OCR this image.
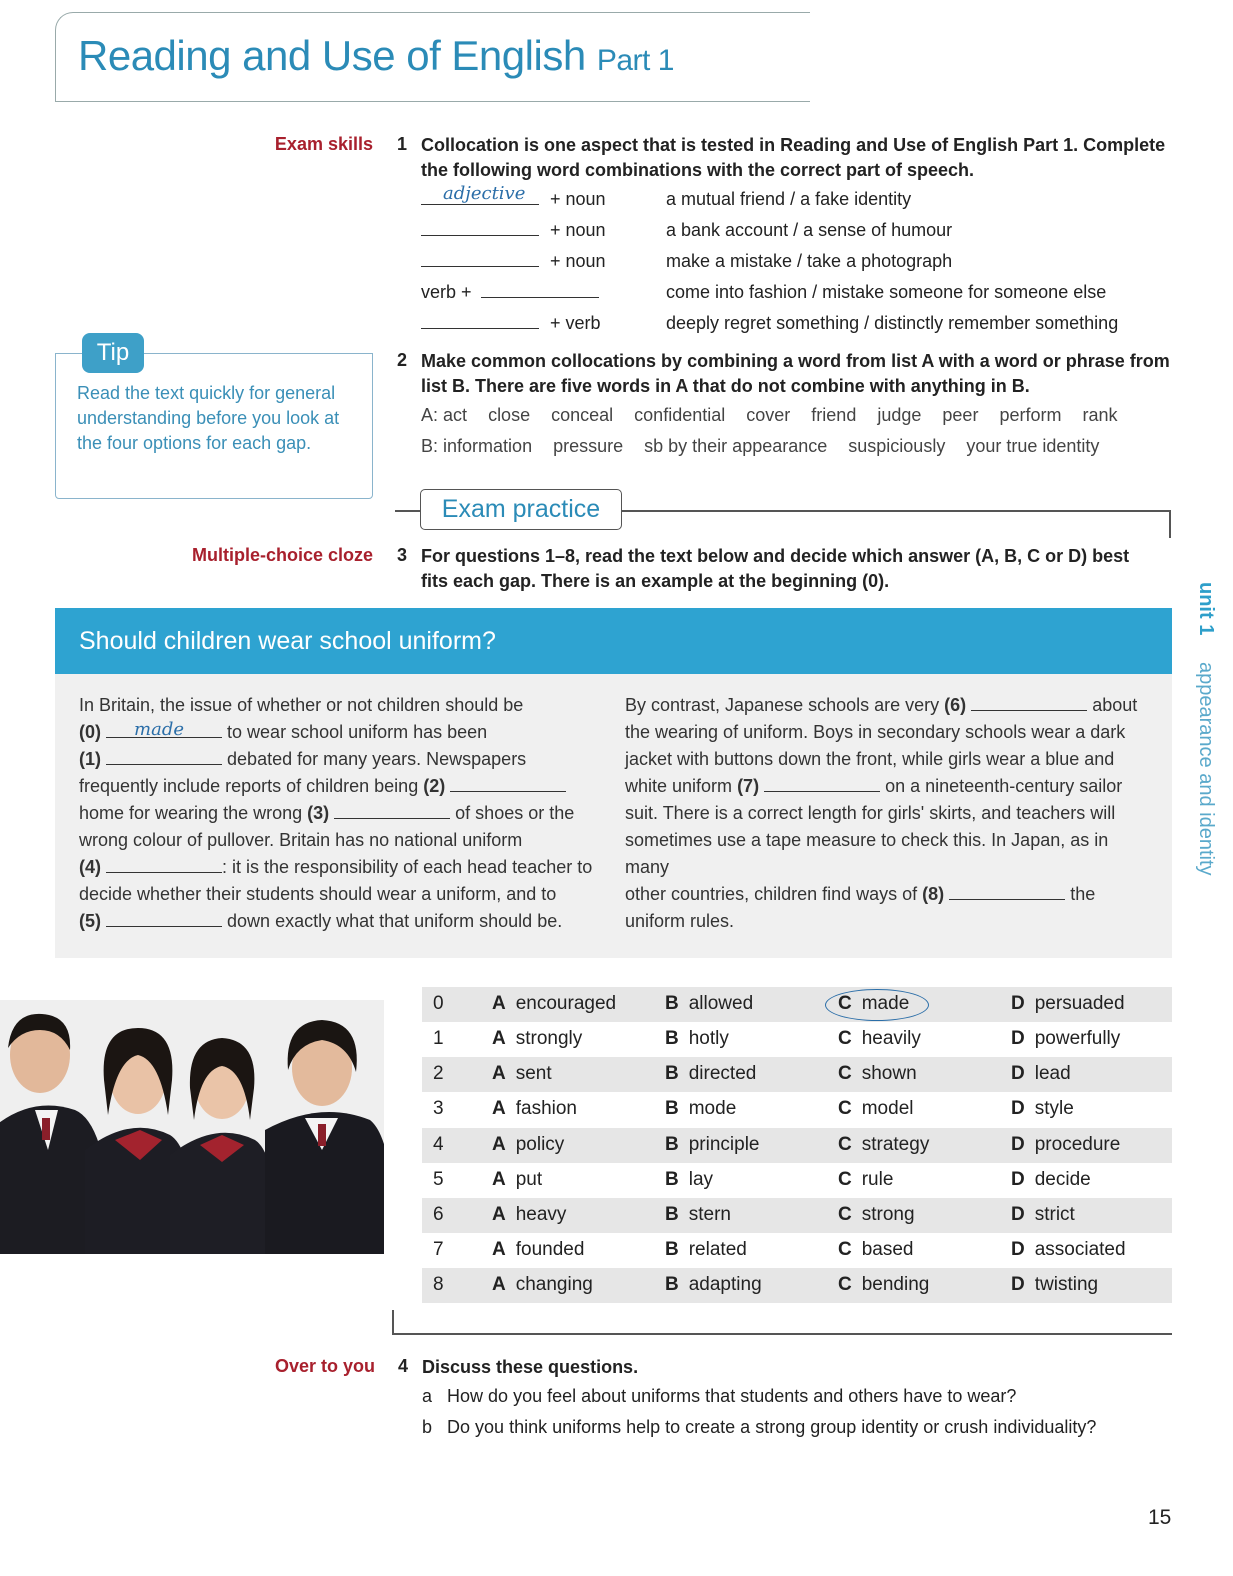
Reading and Use of English Part 1
Exam skills 1 Collocation is one aspect that is tested in Reading and Use of English Part 1. Complete
the following word combinations with the correct part of speech.
adjective + noun	a mutual friend / a fake identity
+ noun	a bank account / a sense of humour
+ noun	make a mistake / take a photograph
verb +	come into fashion / mistake someone for someone else
+ verb	deeply regret something / distinctly remember something
Tip
Read the text quickly for general understanding before you look at the four options for each gap.
2 Make common collocations by combining a word from list A with a word or phrase from
list B. There are five words in A that do not combine with anything in B.
A: act close conceal confidential cover friend judge peer perform rank
B: information pressure sb by their appearance suspiciously your true identity
Exam practice
Multiple-choice cloze 3 For questions 1–8, read the text below and decide which answer (A, B, C or D) best
fits each gap. There is an example at the beginning (0).
Should children wear school uniform?
In Britain, the issue of whether or not children should be
(0) made to wear school uniform has been
(1)	debated for many years. Newspapers
frequently include reports of children being (2)
home for wearing the wrong (3)	of shoes or the
wrong colour of pullover. Britain has no national uniform
(4)	: it is the responsibility of each head teacher to
decide whether their students should wear a uniform, and to
(5)	down exactly what that uniform should be.
By contrast, Japanese schools are very (6)	about
the wearing of uniform. Boys in secondary schools wear a dark
jacket with buttons down the front, while girls wear a blue and
white uniform (7)	on a nineteenth-century sailor
suit. There is a correct length for girls' skirts, and teachers will
sometimes use a tape measure to check this. In Japan, as in many
other countries, children find ways of (8)	the
uniform rules.
0	A encouraged	B allowed	C made	D persuaded
1	A strongly	B hotly	C heavily	D powerfully
2	A sent	B directed	C shown	D lead
3	A fashion	B mode	C model	D style
4	A policy	B principle	C strategy	D procedure
5	A put	B lay	C rule	D decide
6	A heavy	B stern	C strong	D strict
7	A founded	B related	C based	D associated
8	A changing	B adapting	C bending	D twisting
Over to you 4 Discuss these questions.
a How do you feel about uniforms that students and others have to wear?
b Do you think uniforms help to create a strong group identity or crush individuality?
unit 1
appearance and identity
15
